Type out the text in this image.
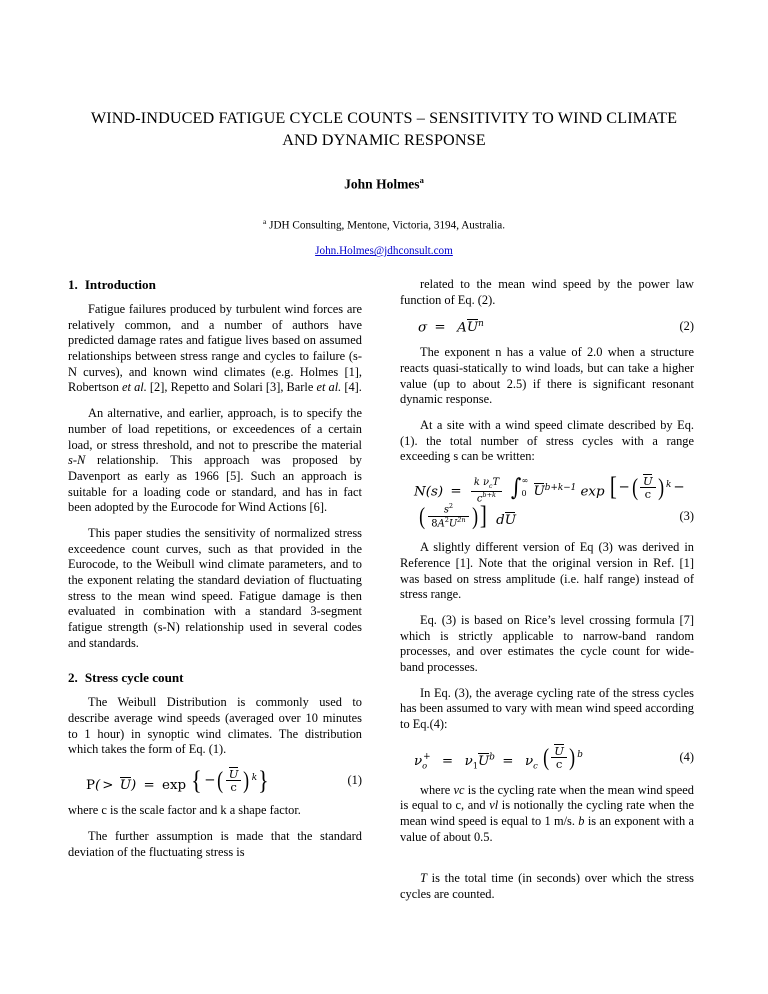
WIND-INDUCED FATIGUE CYCLE COUNTS – SENSITIVITY TO WIND CLIMATE AND DYNAMIC RESPONSE
John Holmes$^a$
$^a$ JDH Consulting, Mentone, Victoria, 3194, Australia.
John.Holmes@jdhconsult.com
1. Introduction

Fatigue failures produced by turbulent wind forces are relatively common, and a number of authors have predicted damage rates and fatigue lives based on assumed relationships between stress range and cycles to failure (s-N curves), and known wind climates (e.g. Holmes [1], Robertson et al. [2], Repetto and Solari [3], Barle et al. [4].

An alternative, and earlier, approach, is to specify the number of load repetitions, or exceedences of a certain load, or stress threshold, and not to prescribe the material s-N relationship. This approach was proposed by Davenport as early as 1966 [5]. Such an approach is suitable for a loading code or standard, and has in fact been adopted by the Eurocode for Wind Actions [6].

This paper studies the sensitivity of normalized stress exceedence count curves, such as that provided in the Eurocode, to the Weibull wind climate parameters, and to the exponent relating the standard deviation of fluctuating stress to the mean wind speed. Fatigue damage is then evaluated in combination with a standard 3-segment fatigue strength (s-N) relationship used in several codes and standards.

2. Stress cycle count

The Weibull Distribution is commonly used to describe average wind speeds (averaged over 10 minutes to 1 hour) in synoptic wind climates. The distribution which takes the form of Eq. (1).

P( > U) = exp { − ( $\frac{U}{c}$ ) k }	(1)

where c is the scale factor and k a shape factor.

The further assumption is made that the standard deviation of the fluctuating stress is

related to the mean wind speed by the power law function of Eq. (2).

$\sigma = AU^n$	(2)

The exponent n has a value of 2.0 when a structure reacts quasi-statically to wind loads, but can take a higher value (up to about 2.5) if there is significant resonant dynamic response.

At a site with a wind speed climate described by Eq. (1). the total number of stress cycles with a range exceeding s can be written:

$N(s) = \frac{k \nu_cT}{c^{b+k}}$
∫ ∞
0 $U^{b+k-1}$ exp [ − ( $\frac{U}{c}$ ) k −
( $\frac{s^2}{8A^2U^{2n}}$ ) ] dU	(3)

A slightly different version of Eq (3) was derived in Reference [1]. Note that the original version in Ref. [1] was based on stress amplitude (i.e. half range) instead of stress range.

Eq. (3) is based on Rice’s level crossing formula [7] which is strictly applicable to narrow-band random processes, and over estimates the cycle count for wide-band processes.

In Eq. (3), the average cycling rate of the stress cycles has been assumed to vary with mean wind speed according to Eq.(4):

$\nu_o^+ = \nu_1U^b = \nu_c$ ( $\frac{U}{c}$ ) $^b$	(4)

where νc is the cycling rate when the mean wind speed is equal to c, and νl is notionally the cycling rate when the mean wind speed is equal to 1 m/s. b is an exponent with a value of about 0.5.

T is the total time (in seconds) over which the stress cycles are counted.
